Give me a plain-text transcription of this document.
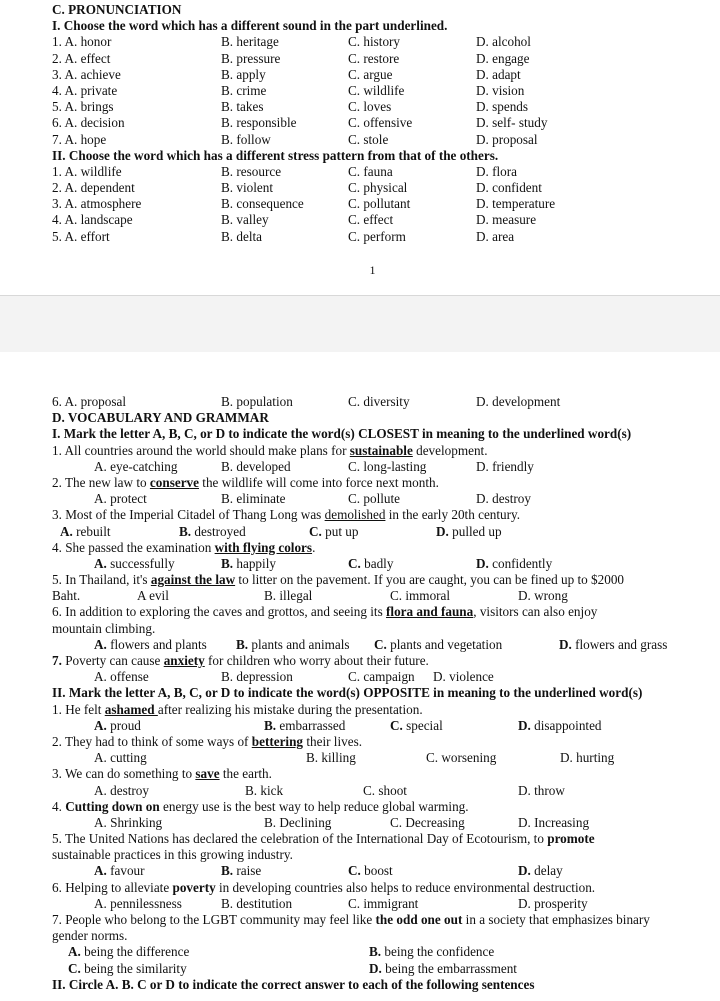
C. PRONUNCIATION
I. Choose the word which has a different sound in the part underlined.
1. A. honor	B. heritage	C. history	D. alcohol
2. A. effect	B. pressure	C. restore	D. engage
3. A. achieve	B. apply	C. argue	D. adapt
4. A. private	B. crime	C. wildlife	D. vision
5. A. brings	B. takes	C. loves	D. spends
6. A. decision	B. responsible	C. offensive	D. self- study
7. A. hope	B. follow	C. stole	D. proposal
II. Choose the word which has a different stress pattern from that of the others.
1. A. wildlife	B. resource	C. fauna	D. flora
2. A. dependent	B. violent	C. physical	D. confident
3. A. atmosphere	B. consequence	C. pollutant	D. temperature
4. A. landscape	B. valley	C. effect	D. measure
5. A. effort	B. delta	C. perform	D. area
1
6. A. proposal	B. population	C. diversity	D. development
D. VOCABULARY AND GRAMMAR
I. Mark the letter A, B, C, or D to indicate the word(s) CLOSEST in meaning to the underlined word(s)
1. All countries around the world should make plans for sustainable development.
A. eye-catching	B. developed	C. long-lasting	D. friendly
2. The new law to conserve the wildlife will come into force next month.
A. protect	B. eliminate	C. pollute	D. destroy
3. Most of the Imperial Citadel of Thang Long was demolished in the early 20th century.
A. rebuilt	B. destroyed	C. put up	D. pulled up
4. She passed the examination with flying colors.
A. successfully	B. happily	C. badly	D. confidently
5. In Thailand, it's against the law to litter on the pavement. If you are caught, you can be fined up to $2000
Baht.	A evil	B. illegal	C. immoral	D. wrong
6. In addition to exploring the caves and grottos, and seeing its flora and fauna, visitors can also enjoy
mountain climbing.
A. flowers and plants B. plants and animals C. plants and vegetation	D. flowers and grass
7. Poverty can cause anxiety for children who worry about their future.
A. offense	B. depression	C. campaign D. violence
II. Mark the letter A, B, C, or D to indicate the word(s) OPPOSITE in meaning to the underlined word(s)
1. He felt ashamed after realizing his mistake during the presentation.
A. proud	B. embarrassed	C. special	D. disappointed
2. They had to think of some ways of bettering their lives.
A. cutting	B. killing	C. worsening	D. hurting
3. We can do something to save the earth.
A. destroy	B. kick	C. shoot	D. throw
4. Cutting down on energy use is the best way to help reduce global warming.
A. Shrinking	B. Declining	C. Decreasing	D. Increasing
5. The United Nations has declared the celebration of the International Day of Ecotourism, to promote
sustainable practices in this growing industry.
A. favour	B. raise	C. boost	D. delay
6. Helping to alleviate poverty in developing countries also helps to reduce environmental destruction.
A. pennilessness	B. destitution	C. immigrant	D. prosperity
7. People who belong to the LGBT community may feel like the odd one out in a society that emphasizes binary
gender norms.
A. being the difference	B. being the confidence
C. being the similarity	D. being the embarrassment
II. Circle A. B. C or D to indicate the correct answer to each of the following sentences
